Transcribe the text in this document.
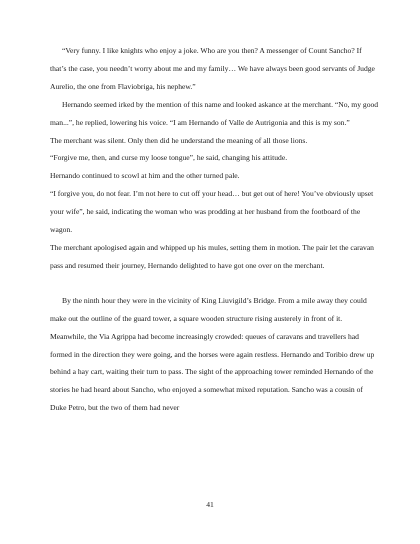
“Very funny. I like knights who enjoy a joke. Who are you then? A messenger of Count Sancho? If that’s the case, you needn’t worry about me and my family… We have always been good servants of Judge Aurelio, the one from Flaviobriga, his nephew.”

Hernando seemed irked by the mention of this name and looked askance at the merchant. “No, my good man...”, he replied, lowering his voice. “I am Hernando of Valle de Autrigonia and this is my son.”

The merchant was silent. Only then did he understand the meaning of all those lions.

“Forgive me, then, and curse my loose tongue”, he said, changing his attitude.

Hernando continued to scowl at him and the other turned pale.

“I forgive you, do not fear. I’m not here to cut off your head… but get out of here! You’ve obviously upset your wife”, he said, indicating the woman who was prodding at her husband from the footboard of the wagon.

The merchant apologised again and whipped up his mules, setting them in motion. The pair let the caravan pass and resumed their journey, Hernando delighted to have got one over on the merchant.

By the ninth hour they were in the vicinity of King Liuvigild’s Bridge. From a mile away they could make out the outline of the guard tower, a square wooden structure rising austerely in front of it. Meanwhile, the Via Agrippa had become increasingly crowded: queues of caravans and travellers had formed in the direction they were going, and the horses were again restless. Hernando and Toribio drew up behind a hay cart, waiting their turn to pass. The sight of the approaching tower reminded Hernando of the stories he had heard about Sancho, who enjoyed a somewhat mixed reputation. Sancho was a cousin of Duke Petro, but the two of them had never

41
